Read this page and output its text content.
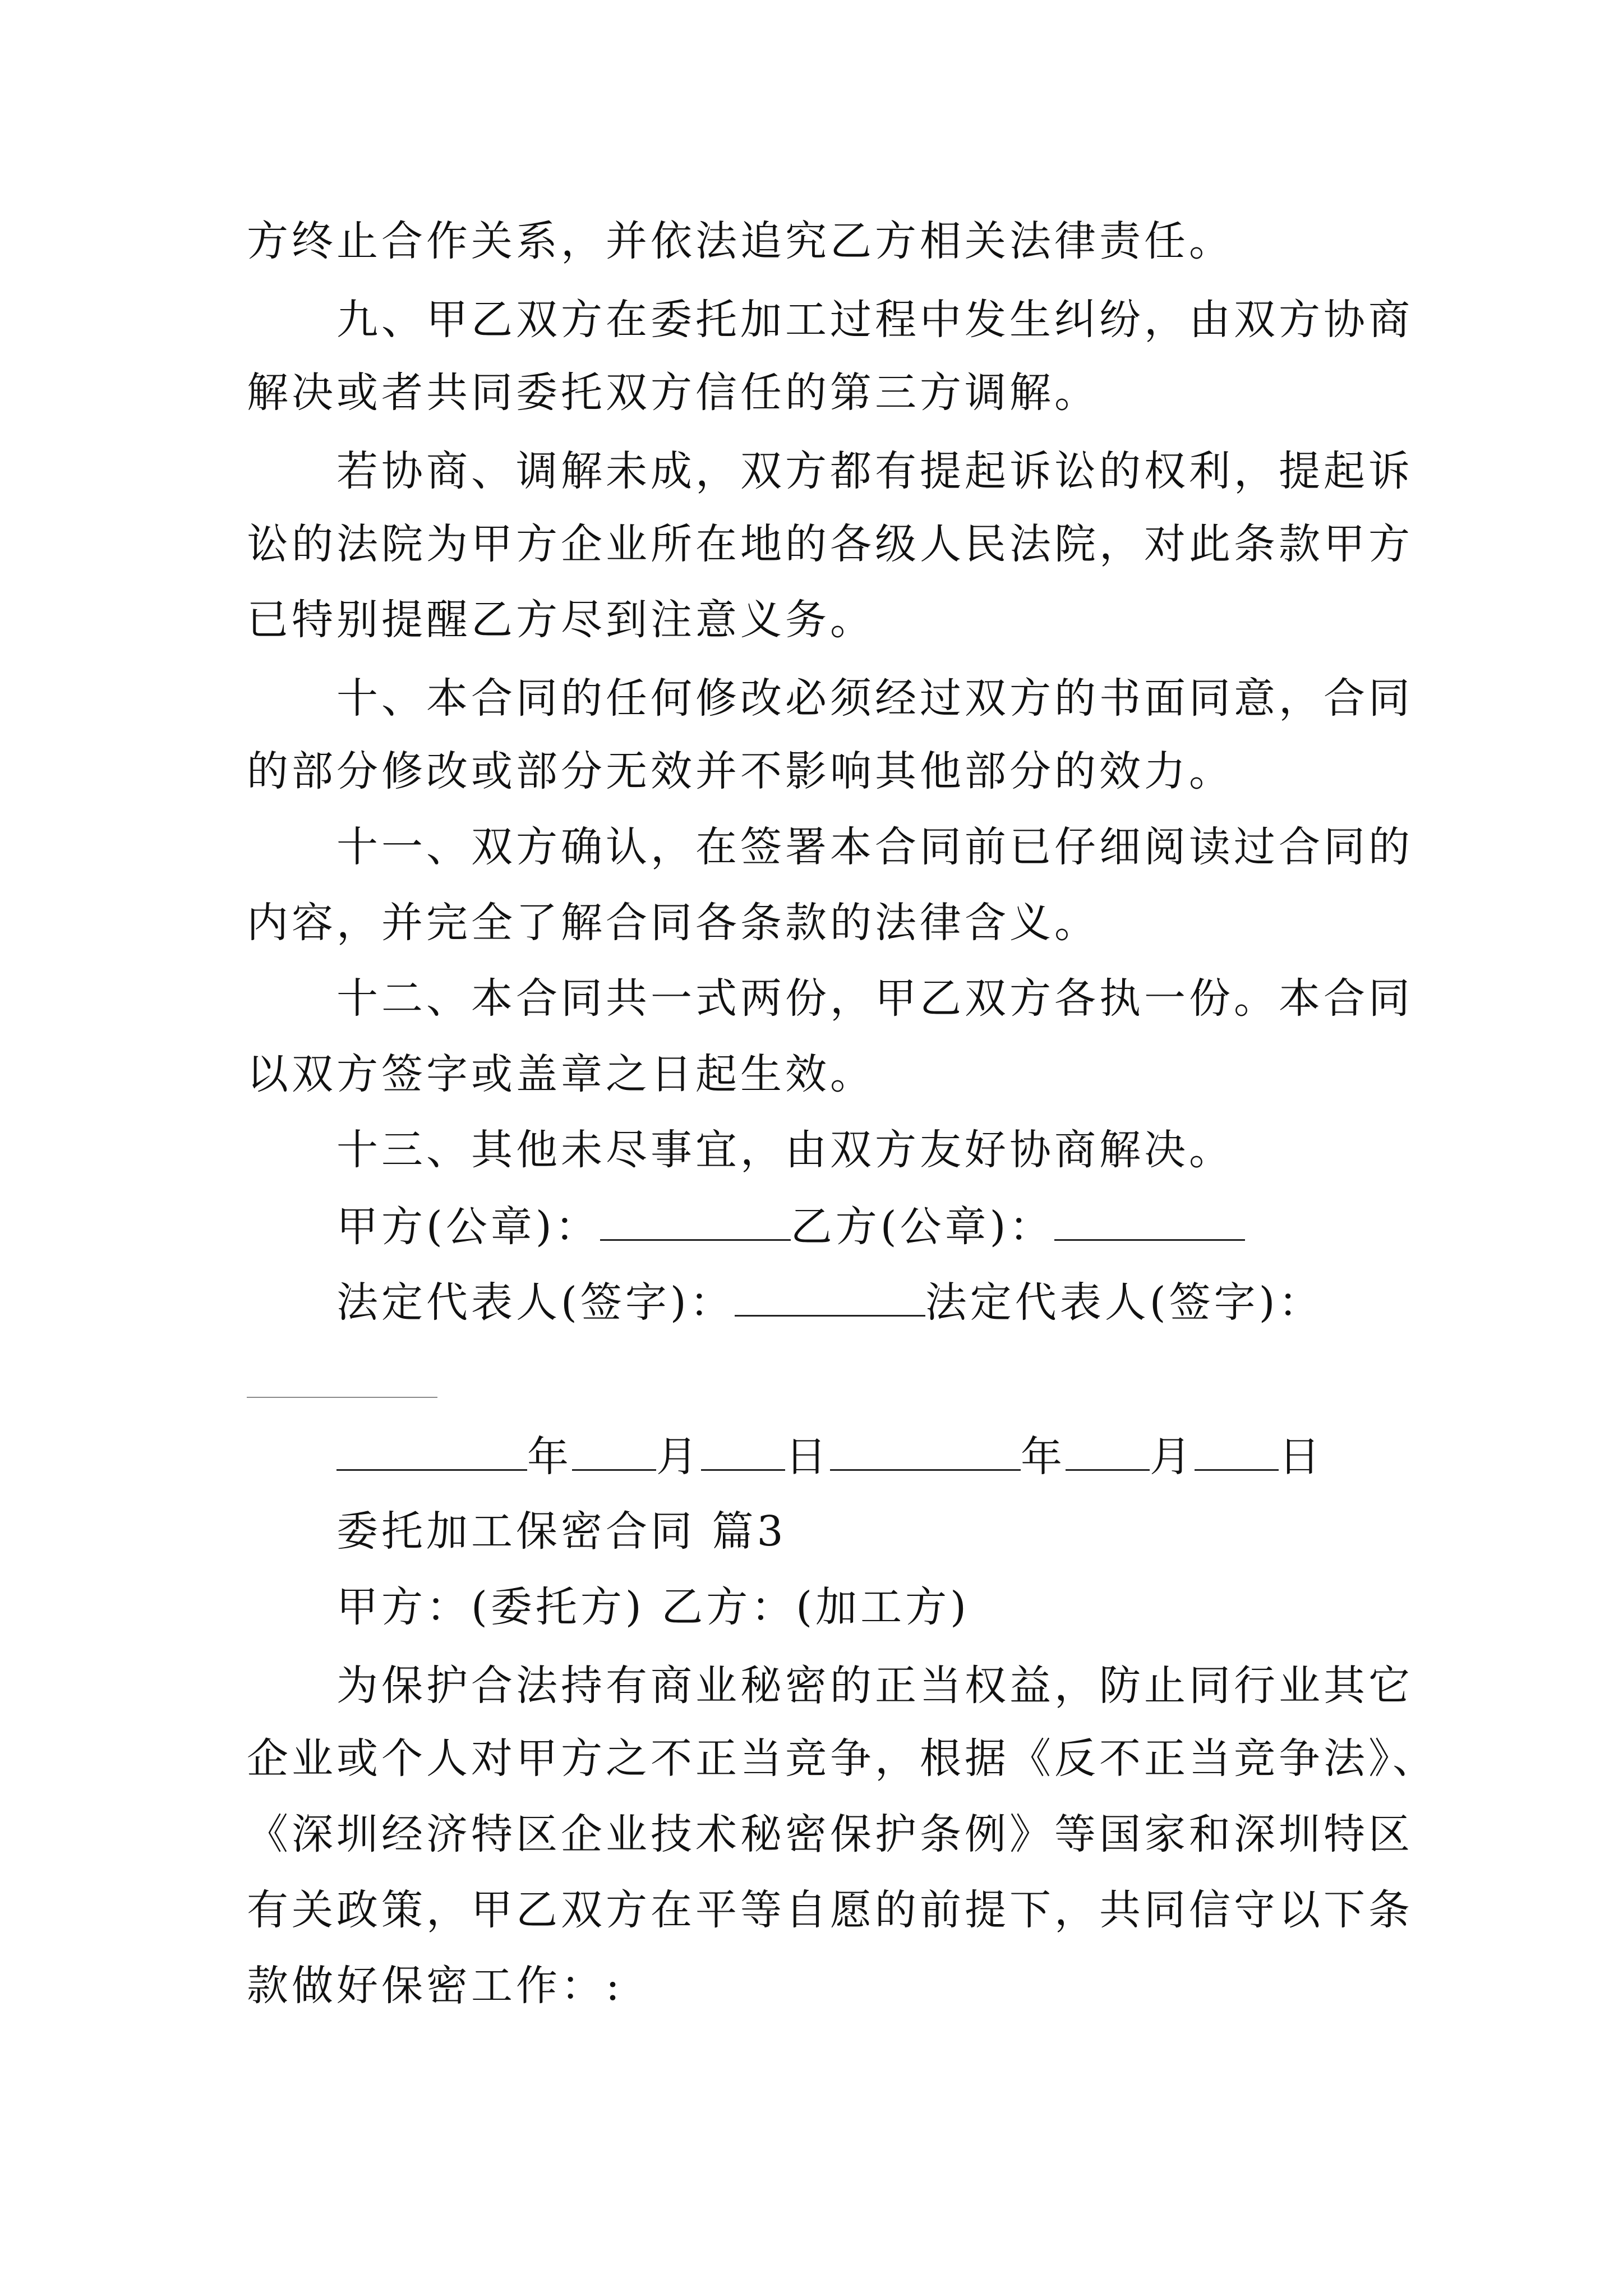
方终止合作关系，并依法追究乙方相关法律责任。
九、甲乙双方在委托加工过程中发生纠纷，由双方协商
解决或者共同委托双方信任的第三方调解。
若协商、调解未成，双方都有提起诉讼的权利，提起诉
讼的法院为甲方企业所在地的各级人民法院，对此条款甲方
已特别提醒乙方尽到注意义务。
十、本合同的任何修改必须经过双方的书面同意，合同
的部分修改或部分无效并不影响其他部分的效力。
十一、双方确认，在签署本合同前已仔细阅读过合同的
内容，并完全了解合同各条款的法律含义。
十二、本合同共一式两份，甲乙双方各执一份。本合同
以双方签字或盖章之日起生效。
十三、其他未尽事宜，由双方友好协商解决。
甲方(公章)：	乙方(公章)：
法定代表人(签字)：	法定代表人(签字)：
年 月 日	年 月 日
委托加工保密合同 篇3
甲方：(委托方) 乙方：(加工方)
为保护合法持有商业秘密的正当权益，防止同行业其它
企业或个人对甲方之不正当竞争，根据《反不正当竞争法》、
《深圳经济特区企业技术秘密保护条例》等国家和深圳特区
有关政策，甲乙双方在平等自愿的前提下，共同信守以下条
款做好保密工作：:
